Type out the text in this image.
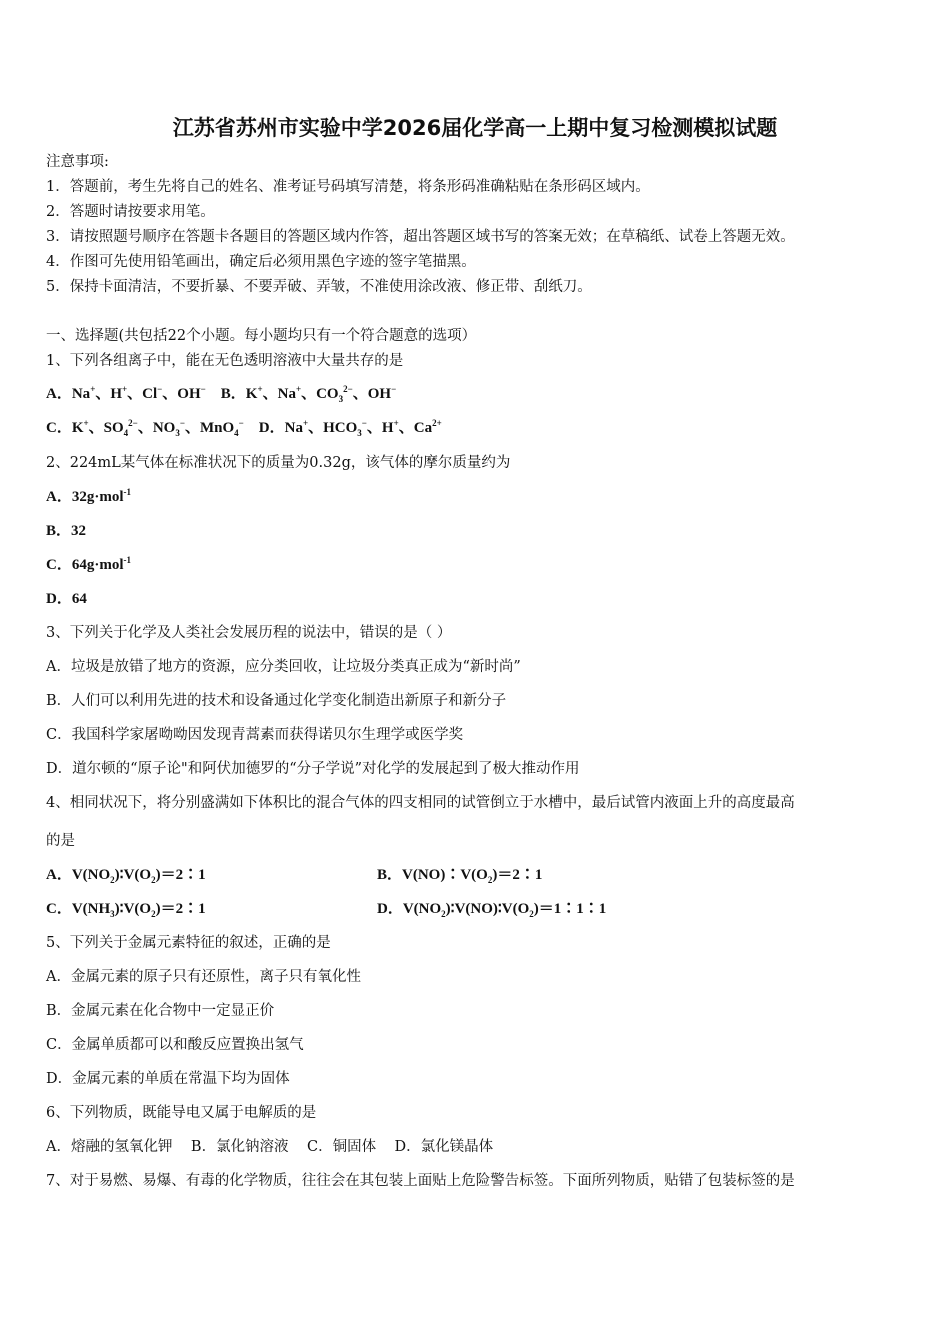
江苏省苏州市实验中学2026届化学高一上期中复习检测模拟试题
注意事项:
1．答题前，考生先将自己的姓名、准考证号码填写清楚，将条形码准确粘贴在条形码区域内。
2．答题时请按要求用笔。
3．请按照题号顺序在答题卡各题目的答题区域内作答，超出答题区域书写的答案无效；在草稿纸、试卷上答题无效。
4．作图可先使用铅笔画出，确定后必须用黑色字迹的签字笔描黑。
5．保持卡面清洁，不要折暴、不要弄破、弄皱，不准使用涂改液、修正带、刮纸刀。
一、选择题(共包括22个小题。每小题均只有一个符合题意的选项）
1、下列各组离子中，能在无色透明溶液中大量共存的是
A．Na+、H+、Cl−、OH− B．K+、Na+、$CO_3^{2-}$、OH−
C．K+、$SO_4^{2-}$、$NO_3^-$、MnO$_4$− D．Na+、$HCO_3^-$、H+、$Ca^{2+}$
2、224mL某气体在标准状况下的质量为0.32g，该气体的摩尔质量约为
A．32g·mol$^{-1}$
B．32
C．64g·mol$^{-1}$
D．64
3、下列关于化学及人类社会发展历程的说法中，错误的是（ ）
A．垃圾是放错了地方的资源，应分类回收，让垃圾分类真正成为“新时尚”
B．人们可以利用先进的技术和设备通过化学变化制造出新原子和新分子
C．我国科学家屠呦呦因发现青蒿素而获得诺贝尔生理学或医学奖
D．道尔顿的“原子论"和阿伏加德罗的“分子学说”对化学的发展起到了极大推动作用
4、相同状况下，将分别盛满如下体积比的混合气体的四支相同的试管倒立于水槽中，最后试管内液面上升的高度最高
的是
A．$V(NO_2)∶V(O_2)=2∶1$	B．$V(NO)∶V(O_2)=2∶1$
C．$V(NH_3)∶V(O_2)=2∶1$	D．$V(NO_2)∶V(NO)∶V(O_2)=1∶1∶1$
5、下列关于金属元素特征的叙述，正确的是
A．金属元素的原子只有还原性，离子只有氧化性
B．金属元素在化合物中一定显正价
C．金属单质都可以和酸反应置换出氢气
D．金属元素的单质在常温下均为固体
6、下列物质，既能导电又属于电解质的是
A．熔融的氢氧化钾    B．氯化钠溶液    C．铜固体    D．氯化镁晶体
7、对于易燃、易爆、有毒的化学物质，往往会在其包装上面贴上危险警告标签。下面所列物质，贴错了包装标签的是
